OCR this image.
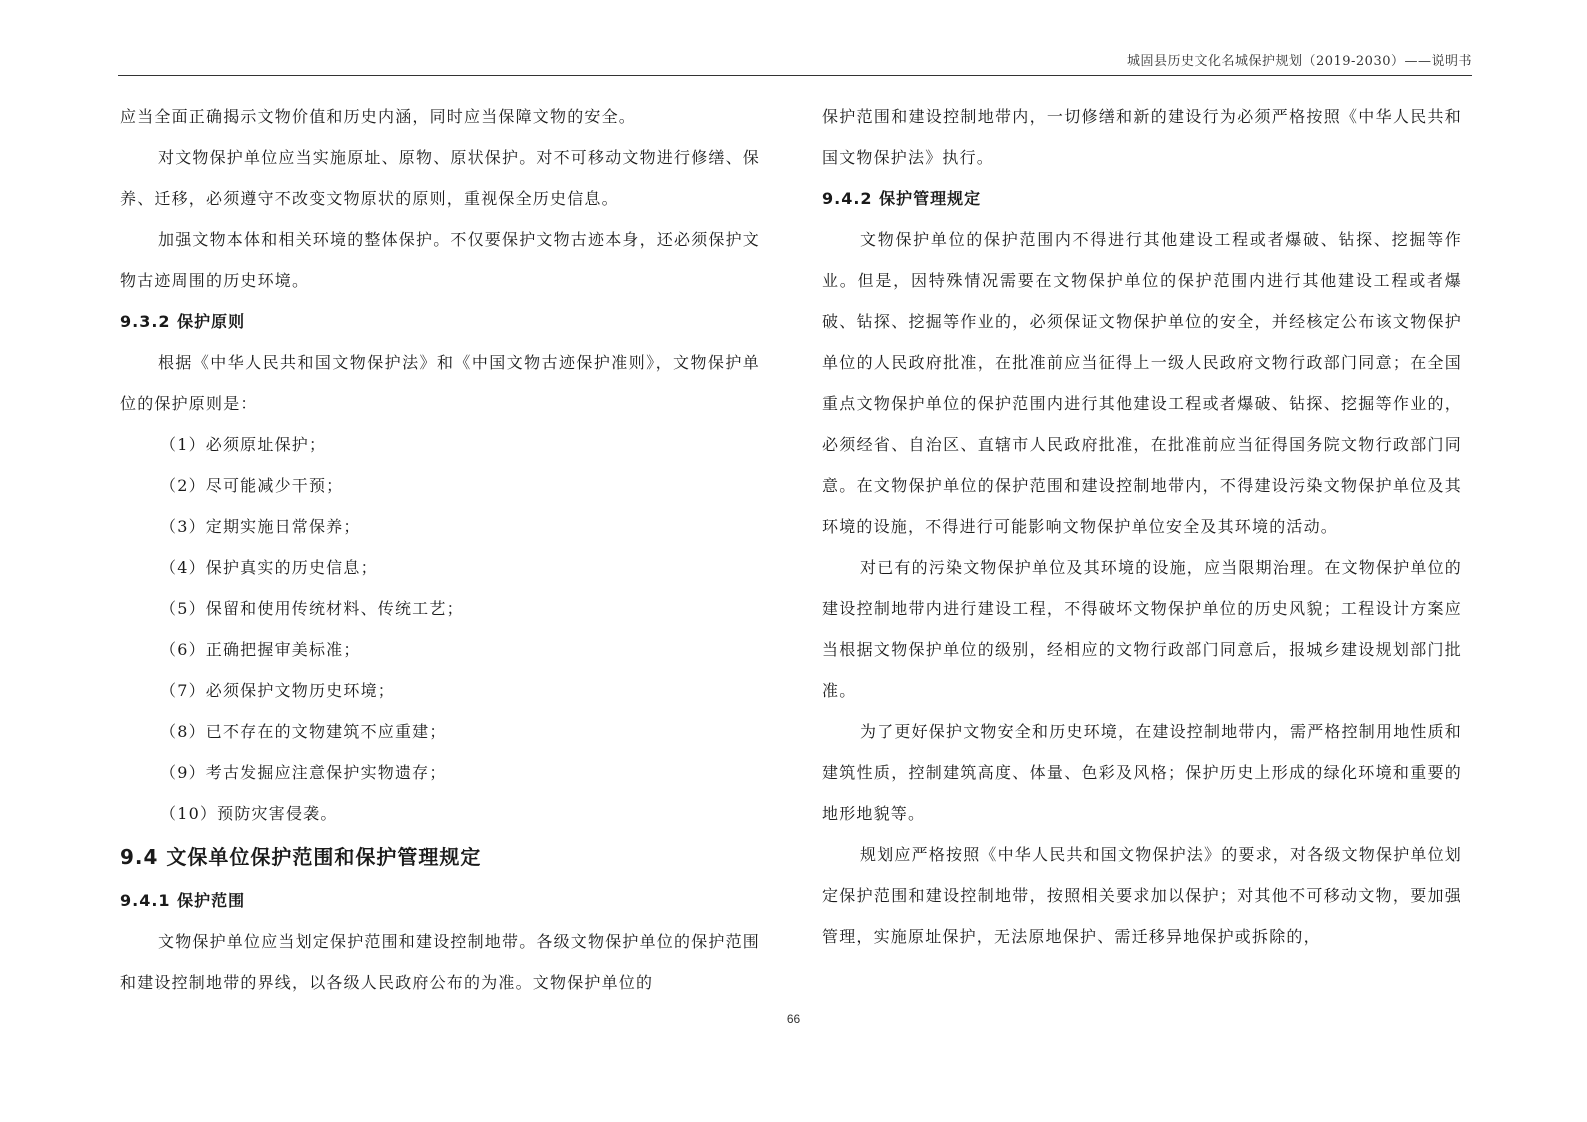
城固县历史文化名城保护规划（2019-2030）——说明书

应当全面正确揭示文物价值和历史内涵，同时应当保障文物的安全。

对文物保护单位应当实施原址、原物、原状保护。对不可移动文物进行修缮、保养、迁移，必须遵守不改变文物原状的原则，重视保全历史信息。

加强文物本体和相关环境的整体保护。不仅要保护文物古迹本身，还必须保护文物古迹周围的历史环境。

9.3.2 保护原则

根据《中华人民共和国文物保护法》和《中国文物古迹保护准则》，文物保护单位的保护原则是：

（1）必须原址保护；

（2）尽可能减少干预；

（3）定期实施日常保养；

（4）保护真实的历史信息；

（5）保留和使用传统材料、传统工艺；

（6）正确把握审美标准；

（7）必须保护文物历史环境；

（8）已不存在的文物建筑不应重建；

（9）考古发掘应注意保护实物遗存；

（10）预防灾害侵袭。

9.4 文保单位保护范围和保护管理规定

9.4.1 保护范围

文物保护单位应当划定保护范围和建设控制地带。各级文物保护单位的保护范围和建设控制地带的界线，以各级人民政府公布的为准。文物保护单位的

保护范围和建设控制地带内，一切修缮和新的建设行为必须严格按照《中华人民共和国文物保护法》执行。

9.4.2 保护管理规定

文物保护单位的保护范围内不得进行其他建设工程或者爆破、钻探、挖掘等作业。但是，因特殊情况需要在文物保护单位的保护范围内进行其他建设工程或者爆破、钻探、挖掘等作业的，必须保证文物保护单位的安全，并经核定公布该文物保护单位的人民政府批准，在批准前应当征得上一级人民政府文物行政部门同意；在全国重点文物保护单位的保护范围内进行其他建设工程或者爆破、钻探、挖掘等作业的，必须经省、自治区、直辖市人民政府批准，在批准前应当征得国务院文物行政部门同意。在文物保护单位的保护范围和建设控制地带内，不得建设污染文物保护单位及其环境的设施，不得进行可能影响文物保护单位安全及其环境的活动。

对已有的污染文物保护单位及其环境的设施，应当限期治理。在文物保护单位的建设控制地带内进行建设工程，不得破坏文物保护单位的历史风貌；工程设计方案应当根据文物保护单位的级别，经相应的文物行政部门同意后，报城乡建设规划部门批准。

为了更好保护文物安全和历史环境，在建设控制地带内，需严格控制用地性质和建筑性质，控制建筑高度、体量、色彩及风格；保护历史上形成的绿化环境和重要的地形地貌等。

规划应严格按照《中华人民共和国文物保护法》的要求，对各级文物保护单位划定保护范围和建设控制地带，按照相关要求加以保护；对其他不可移动文物，要加强管理，实施原址保护，无法原地保护、需迁移异地保护或拆除的，

66
